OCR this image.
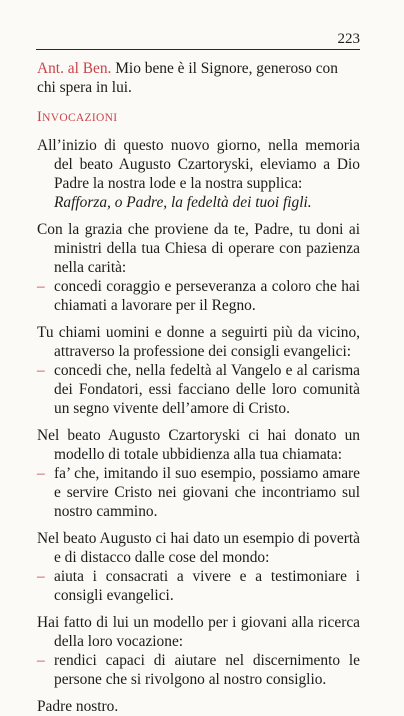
223

Ant. al Ben. Mio bene è il Signore, generoso con chi spera in lui.

INVOCAZIONI
All’inizio di questo nuovo giorno, nella memoria del beato Augusto Czartoryski, eleviamo a Dio Padre la nostra lode e la nostra supplica:
Rafforza, o Padre, la fedeltà dei tuoi figli.
Con la grazia che proviene da te, Padre, tu doni ai ministri della tua Chiesa di operare con pazienza nella carità:
– concedi coraggio e perseveranza a coloro che hai chiamati a lavorare per il Regno.
Tu chiami uomini e donne a seguirti più da vicino, attraverso la professione dei consigli evangelici:
– concedi che, nella fedeltà al Vangelo e al carisma dei Fondatori, essi facciano delle loro comunità un segno vivente dell’amore di Cristo.
Nel beato Augusto Czartoryski ci hai donato un modello di totale ubbidienza alla tua chiamata:
– fa’ che, imitando il suo esempio, possiamo amare e servire Cristo nei giovani che incontriamo sul nostro cammino.
Nel beato Augusto ci hai dato un esempio di povertà e di distacco dalle cose del mondo:
– aiuta i consacrati a vivere e a testimoniare i consigli evangelici.
Hai fatto di lui un modello per i giovani alla ricerca della loro vocazione:
– rendici capaci di aiutare nel discernimento le persone che si rivolgono al nostro consiglio.
Padre nostro.
